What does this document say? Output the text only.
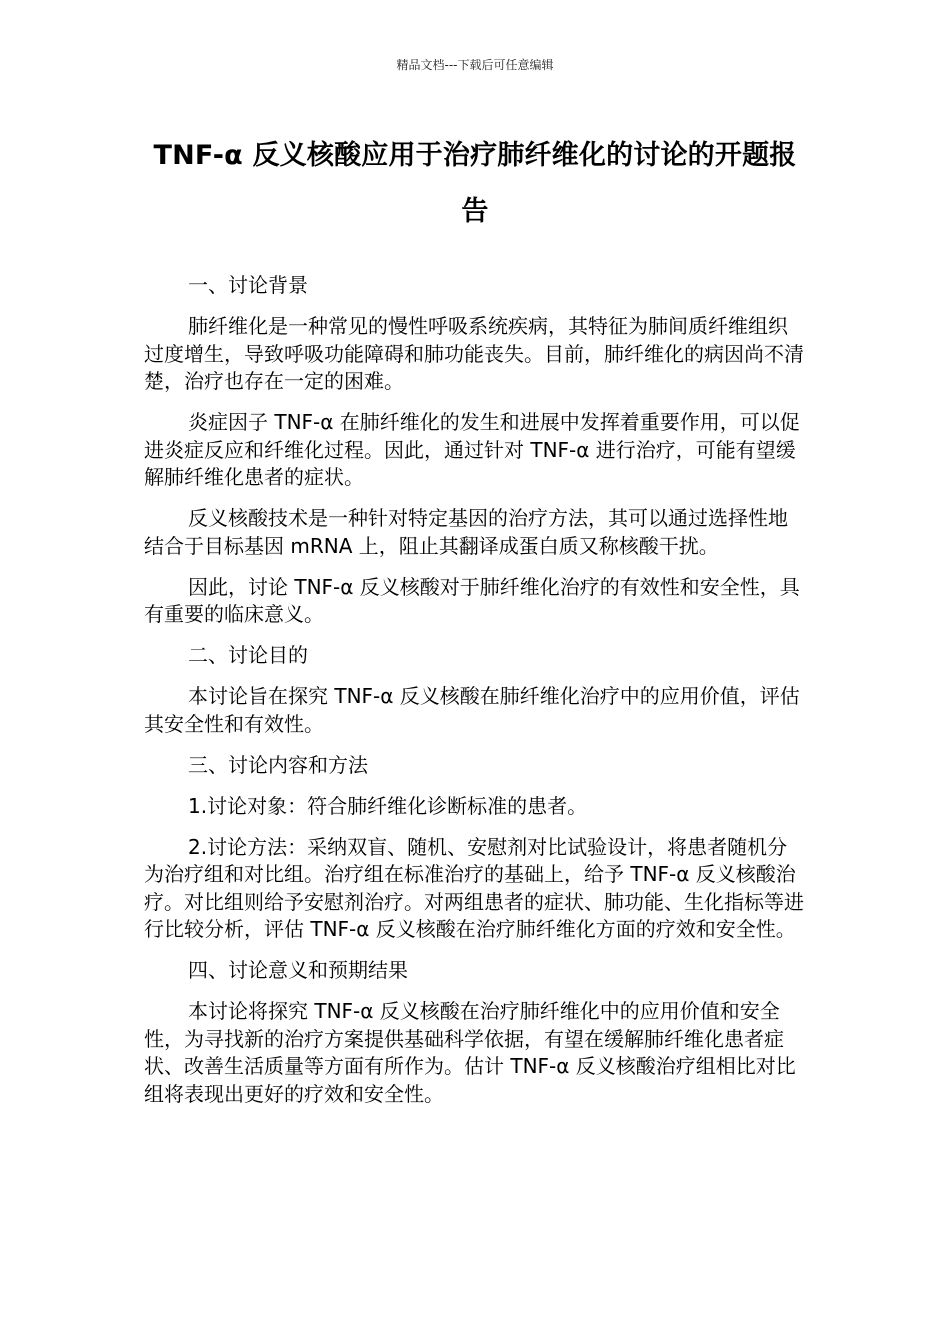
精品文档---下载后可任意编辑
TNF-α 反义核酸应用于治疗肺纤维化的讨论的开题报告

一、讨论背景

肺纤维化是一种常见的慢性呼吸系统疾病，其特征为肺间质纤维组织过度增生，导致呼吸功能障碍和肺功能丧失。目前，肺纤维化的病因尚不清楚，治疗也存在一定的困难。

炎症因子 TNF-α 在肺纤维化的发生和进展中发挥着重要作用，可以促进炎症反应和纤维化过程。因此，通过针对 TNF-α 进行治疗，可能有望缓解肺纤维化患者的症状。

反义核酸技术是一种针对特定基因的治疗方法，其可以通过选择性地结合于目标基因 mRNA 上，阻止其翻译成蛋白质又称核酸干扰。

因此，讨论 TNF-α 反义核酸对于肺纤维化治疗的有效性和安全性，具有重要的临床意义。

二、讨论目的

本讨论旨在探究 TNF-α 反义核酸在肺纤维化治疗中的应用价值，评估其安全性和有效性。

三、讨论内容和方法

1.讨论对象：符合肺纤维化诊断标准的患者。

2.讨论方法：采纳双盲、随机、安慰剂对比试验设计，将患者随机分为治疗组和对比组。治疗组在标准治疗的基础上，给予 TNF-α 反义核酸治疗。对比组则给予安慰剂治疗。对两组患者的症状、肺功能、生化指标等进行比较分析，评估 TNF-α 反义核酸在治疗肺纤维化方面的疗效和安全性。

四、讨论意义和预期结果

本讨论将探究 TNF-α 反义核酸在治疗肺纤维化中的应用价值和安全性，为寻找新的治疗方案提供基础科学依据，有望在缓解肺纤维化患者症状、改善生活质量等方面有所作为。估计 TNF-α 反义核酸治疗组相比对比组将表现出更好的疗效和安全性。
